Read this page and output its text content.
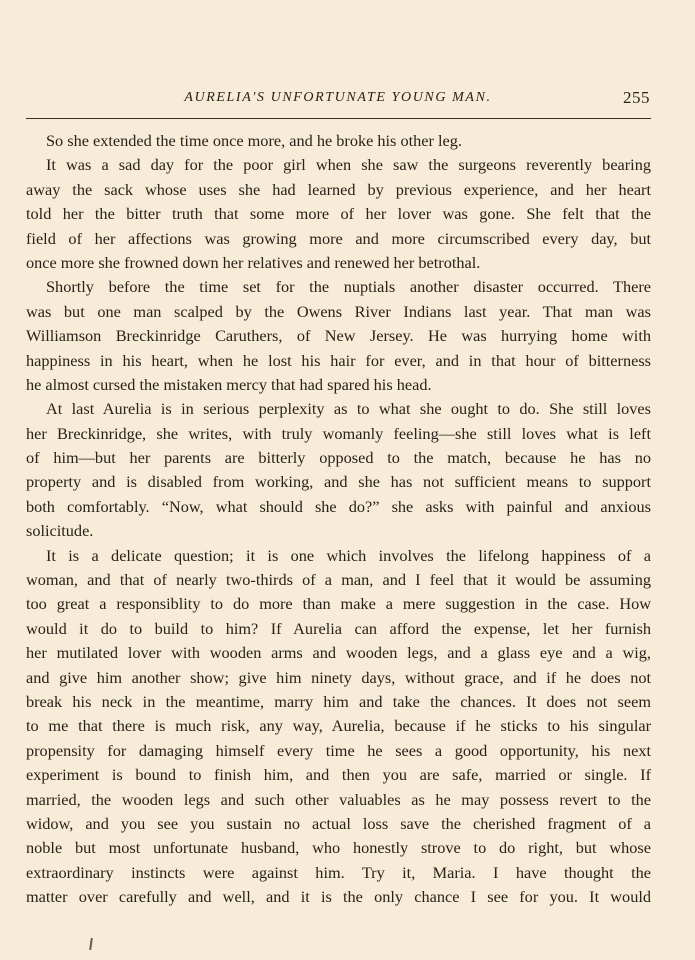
AURELIA'S UNFORTUNATE YOUNG MAN.	255
So she extended the time once more, and he broke his other leg.
It was a sad day for the poor girl when she saw the surgeons reverently bearing
away the sack whose uses she had learned by previous experience, and her heart
told her the bitter truth that some more of her lover was gone. She felt that the
field of her affections was growing more and more circumscribed every day, but
once more she frowned down her relatives and renewed her betrothal.
Shortly before the time set for the nuptials another disaster occurred. There
was but one man scalped by the Owens River Indians last year. That man was
Williamson Breckinridge Caruthers, of New Jersey. He was hurrying home with
happiness in his heart, when he lost his hair for ever, and in that hour of bitterness
he almost cursed the mistaken mercy that had spared his head.
At last Aurelia is in serious perplexity as to what she ought to do. She still loves
her Breckinridge, she writes, with truly womanly feeling—she still loves what is left
of him—but her parents are bitterly opposed to the match, because he has no
property and is disabled from working, and she has not sufficient means to support
both comfortably. “Now, what should she do?” she asks with painful and anxious
solicitude.
It is a delicate question; it is one which involves the lifelong happiness of a
woman, and that of nearly two-thirds of a man, and I feel that it would be assuming
too great a responsiblity to do more than make a mere suggestion in the case. How
would it do to build to him? If Aurelia can afford the expense, let her furnish
her mutilated lover with wooden arms and wooden legs, and a glass eye and a wig,
and give him another show; give him ninety days, without grace, and if he does not
break his neck in the meantime, marry him and take the chances. It does not seem
to me that there is much risk, any way, Aurelia, because if he sticks to his singular
propensity for damaging himself every time he sees a good opportunity, his next
experiment is bound to finish him, and then you are safe, married or single. If
married, the wooden legs and such other valuables as he may possess revert to the
widow, and you see you sustain no actual loss save the cherished fragment of a
noble but most unfortunate husband, who honestly strove to do right, but whose
extraordinary instincts were against him. Try it, Maria. I have thought the
matter over carefully and well, and it is the only chance I see for you. It would
